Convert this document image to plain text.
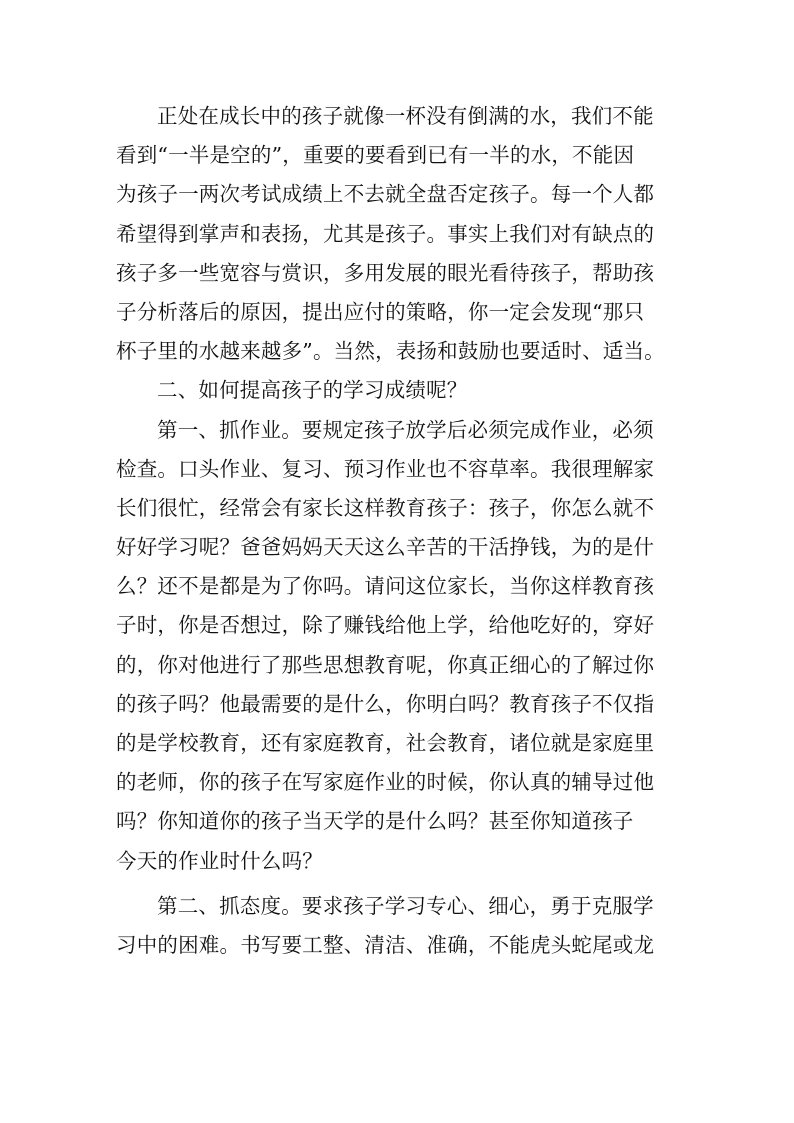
正处在成长中的孩子就像一杯没有倒满的水，我们不能
看到“一半是空的”，重要的要看到已有一半的水，不能因
为孩子一两次考试成绩上不去就全盘否定孩子。每一个人都
希望得到掌声和表扬，尤其是孩子。事实上我们对有缺点的
孩子多一些宽容与赏识，多用发展的眼光看待孩子，帮助孩
子分析落后的原因，提出应付的策略，你一定会发现“那只
杯子里的水越来越多”。当然，表扬和鼓励也要适时、适当。
二、如何提高孩子的学习成绩呢？
第一、抓作业。要规定孩子放学后必须完成作业，必须
检查。口头作业、复习、预习作业也不容草率。我很理解家
长们很忙，经常会有家长这样教育孩子：孩子，你怎么就不
好好学习呢？爸爸妈妈天天这么辛苦的干活挣钱，为的是什
么？还不是都是为了你吗。请问这位家长，当你这样教育孩
子时，你是否想过，除了赚钱给他上学，给他吃好的，穿好
的，你对他进行了那些思想教育呢，你真正细心的了解过你
的孩子吗？他最需要的是什么，你明白吗？教育孩子不仅指
的是学校教育，还有家庭教育，社会教育，诸位就是家庭里
的老师，你的孩子在写家庭作业的时候，你认真的辅导过他
吗？你知道你的孩子当天学的是什么吗？甚至你知道孩子
今天的作业时什么吗？
第二、抓态度。要求孩子学习专心、细心，勇于克服学
习中的困难。书写要工整、清洁、准确，不能虎头蛇尾或龙
